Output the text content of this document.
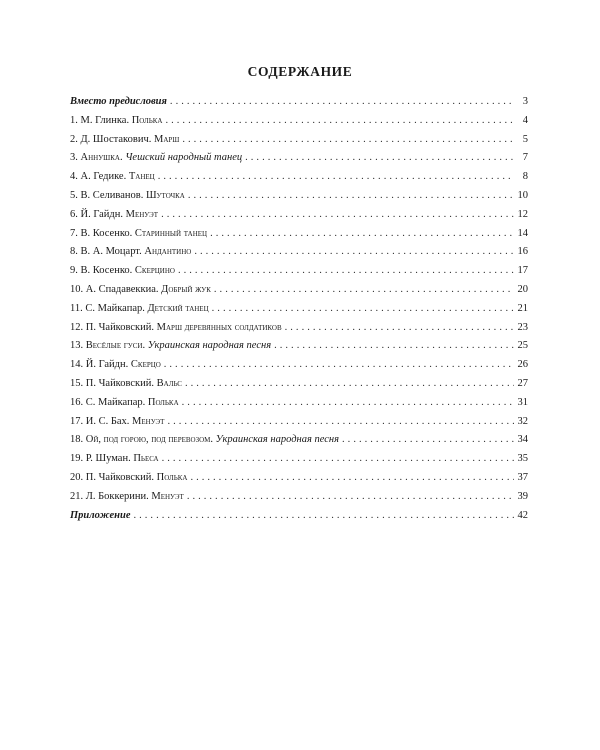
СОДЕРЖАНИЕ
Вместо предисловия . . .	3
1. М. Глинка. Полька . . .	4
2. Д. Шостакович. Марш . . .	5
3. Аннушка. Чешский народный танец . . .	7
4. А. Гедике. Танец . . .	8
5. В. Селиванов. Шуточка . . .	10
6. Й. Гайдн. Менуэт . . .	12
7. В. Косенко. Старинный танец . . .	14
8. В. А. Моцарт. Андантино . . .	16
9. В. Косенко. Скерцино . . .	17
10. А. Спадавеккиа. Добрый жук . . .	20
11. С. Майкапар. Детский танец . . .	21
12. П. Чайковский. Марш деревянных солдатиков . . .	23
13. Весёлые гуси. Украинская народная песня . . .	25
14. Й. Гайдн. Скерцо . . .	26
15. П. Чайковский. Вальс . . .	27
16. С. Майкапар. Полька . . .	31
17. И. С. Бах. Менуэт . . .	32
18. Ой, под горою, под перевозом. Украинская народная песня . . .	34
19. Р. Шуман. Пьеса . . .	35
20. П. Чайковский. Полька . . .	37
21. Л. Боккерини. Менуэт . . .	39
Приложение . . .	42
